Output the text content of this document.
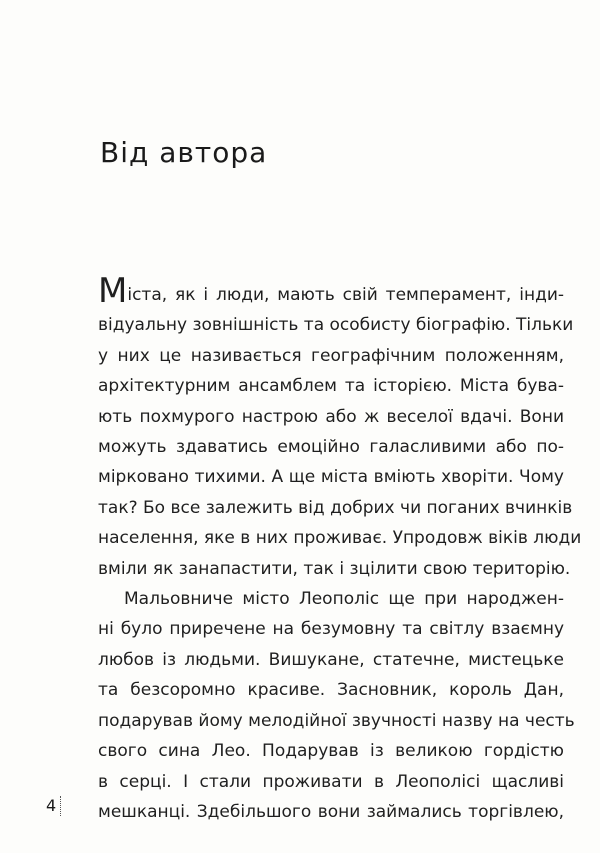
Від автора
Міста, як і люди, мають свій темперамент, інди-
відуальну зовнішність та особисту біографію. Тільки
у них це називається географічним положенням,
архітектурним ансамблем та історією. Міста бува-
ють похмурого настрою або ж веселої вдачі. Вони
можуть здаватись емоційно галасливими або по-
мірковано тихими. А ще міста вміють хворіти. Чому
так? Бо все залежить від добрих чи поганих вчинків
населення, яке в них проживає. Упродовж віків люди
вміли як занапастити, так і зцілити свою територію.
Мальовниче місто Леополіс ще при народжен-
ні було приречене на безумовну та світлу взаємну
любов із людьми. Вишукане, статечне, мистецьке
та безсоромно красиве. Засновник, король Дан,
подарував йому мелодійної звучності назву на честь
свого сина Лео. Подарував із великою гордістю
в серці. І стали проживати в Леополісі щасливі
мешканці. Здебільшого вони займались торгівлею,
4
